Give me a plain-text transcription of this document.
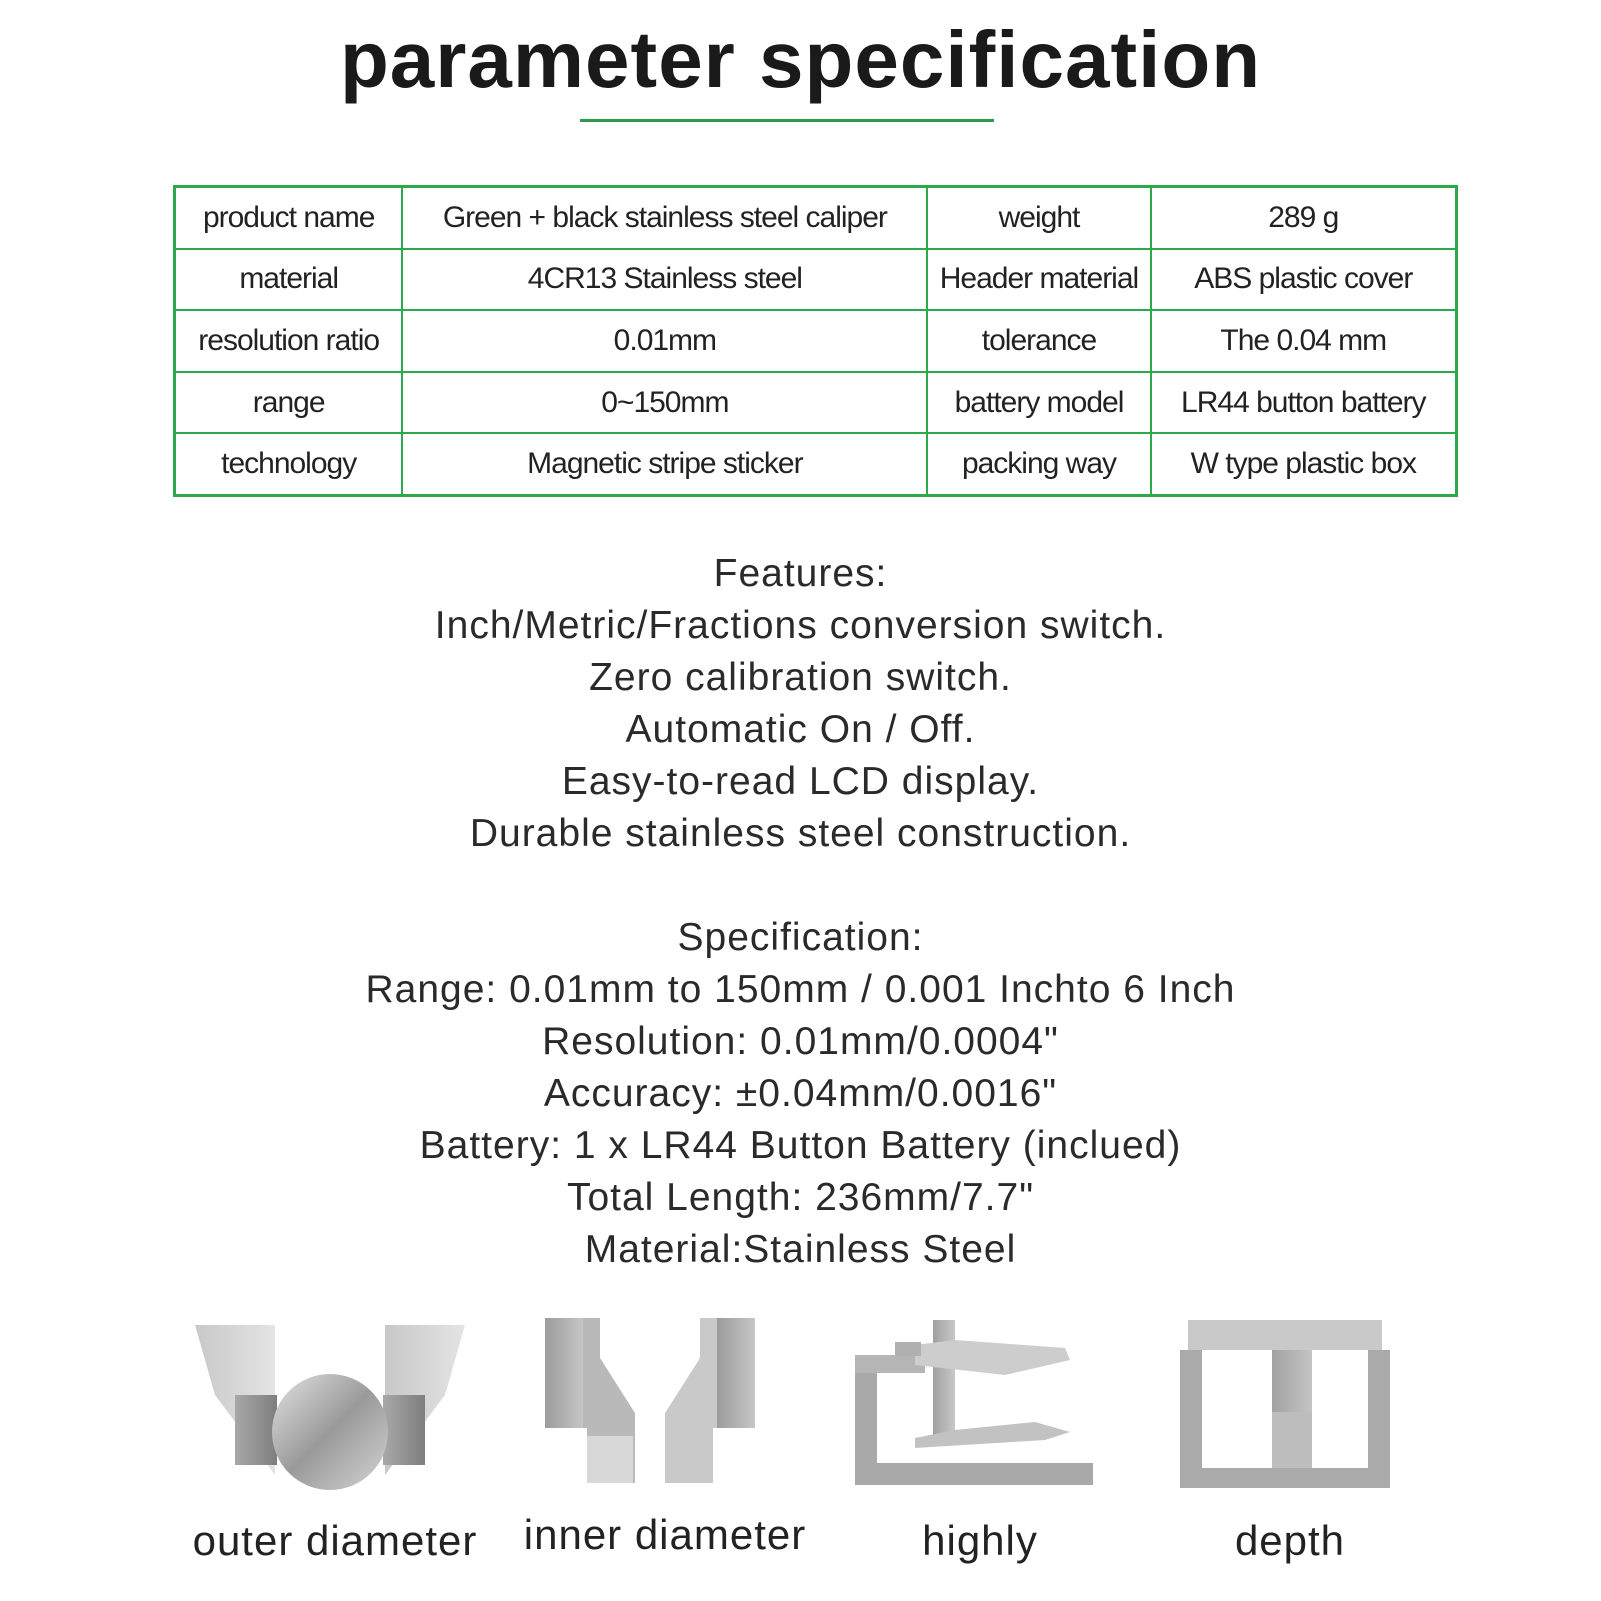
parameter specification
product name	Green + black stainless steel caliper	weight	289 g
material	4CR13 Stainless steel	Header material	ABS plastic cover
resolution ratio	0.01mm	tolerance	The 0.04 mm
range	0~150mm	battery model	LR44 button battery
technology	Magnetic stripe sticker	packing way	W type plastic box
Features:
Inch/Metric/Fractions conversion switch.
Zero calibration switch.
Automatic On / Off.
Easy-to-read LCD display.
Durable stainless steel construction.
Specification:
Range: 0.01mm to 150mm / 0.001 Inchto 6 Inch
Resolution: 0.01mm/0.0004"
Accuracy: ±0.04mm/0.0016"
Battery: 1 x LR44 Button Battery (inclued)
Total Length: 236mm/7.7"
Material:Stainless Steel
outer diameter	inner diameter	highly	depth
